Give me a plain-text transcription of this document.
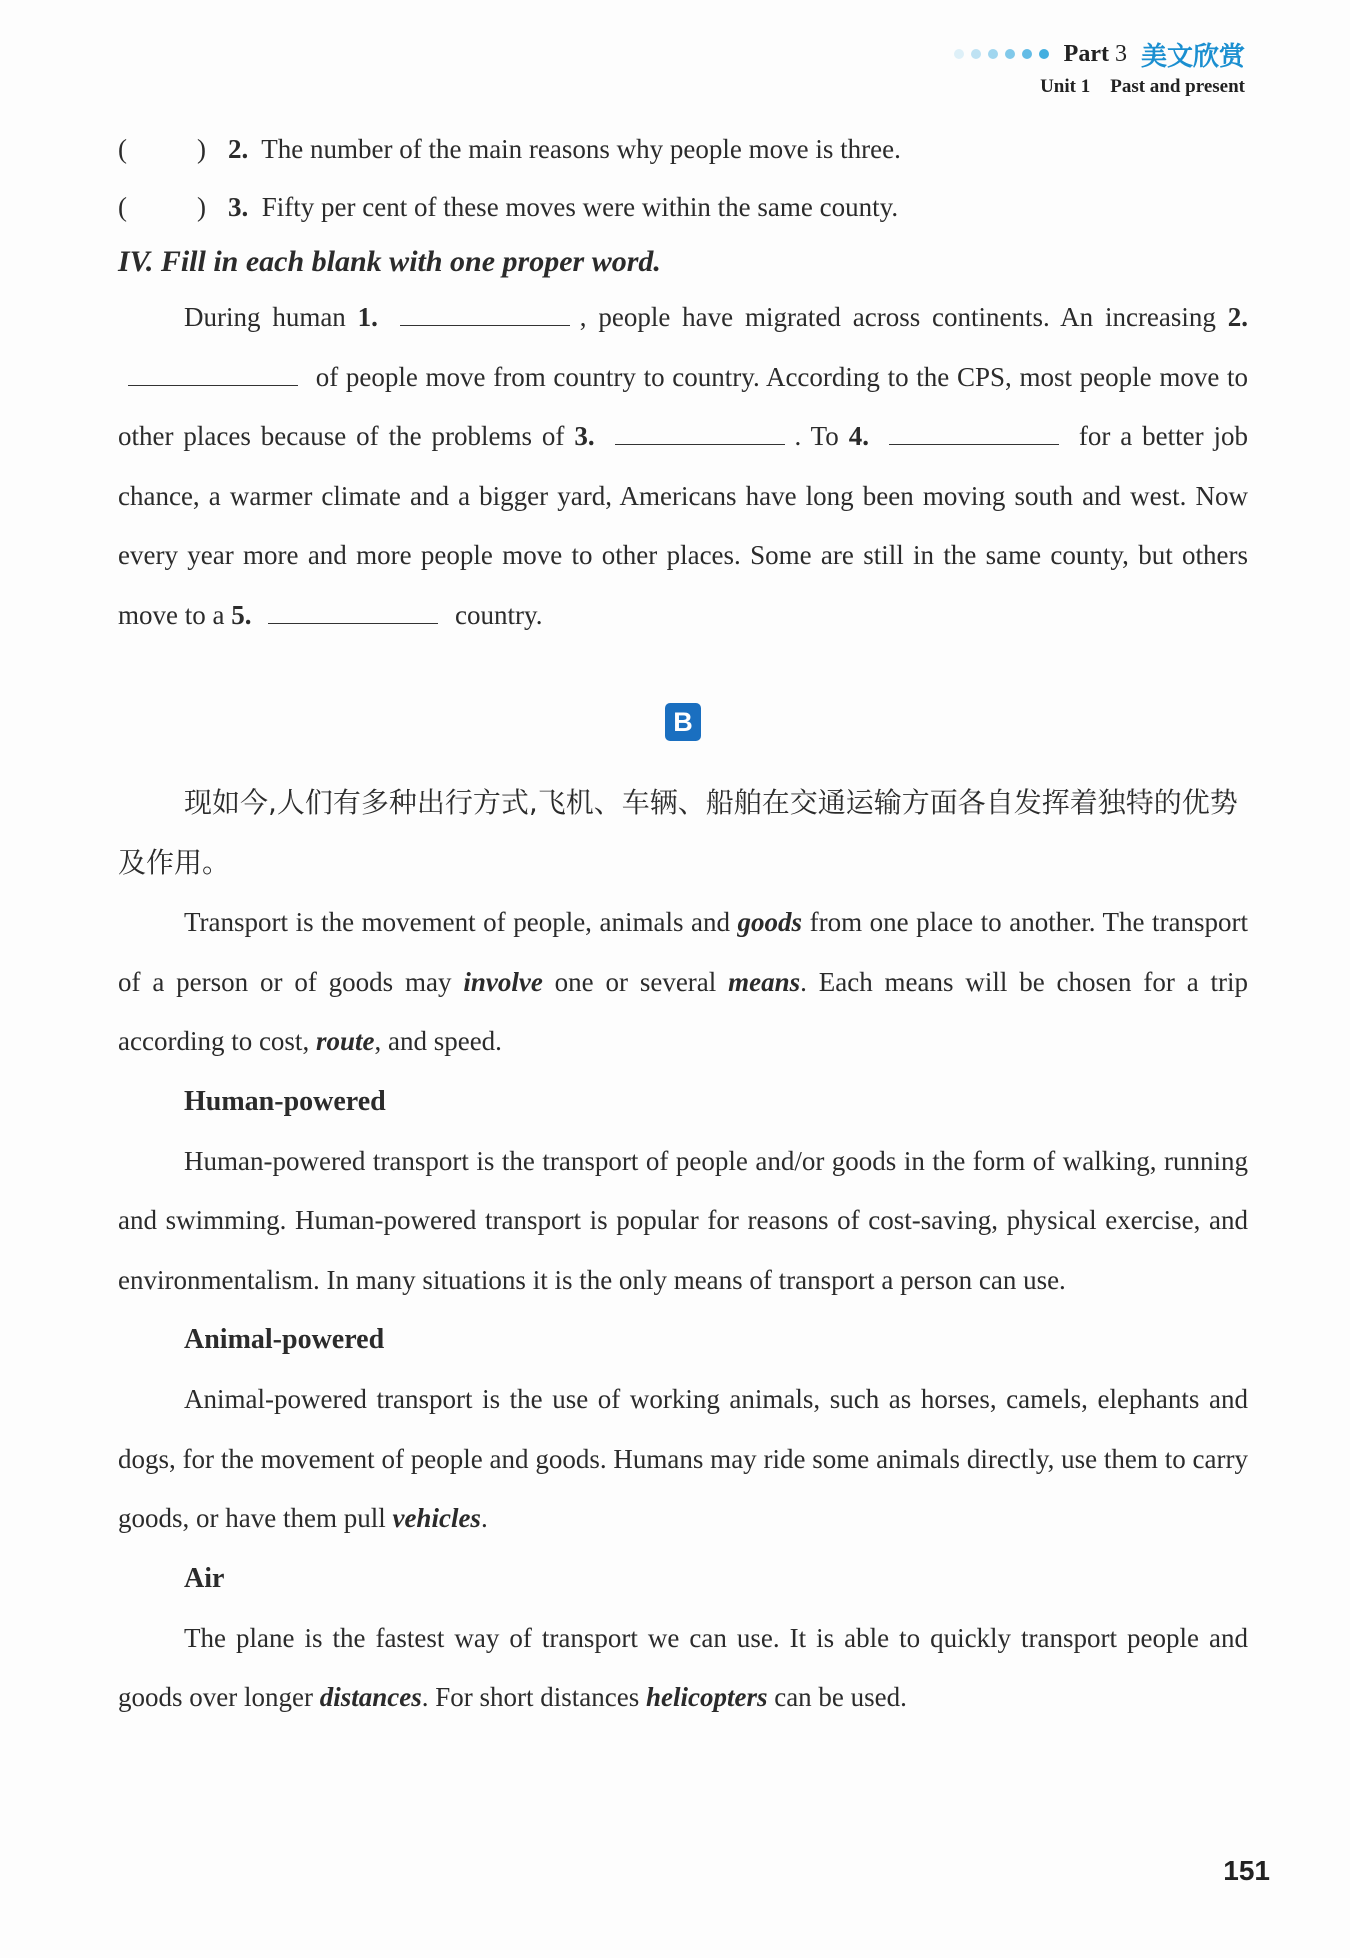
Part 3 美文欣赏
Unit 1 Past and present
(	) 2. The number of the main reasons why people move is three.
(	) 3. Fifty per cent of these moves were within the same county.
IV. Fill in each blank with one proper word.
During human 1.	, people have migrated across continents. An increasing 2.  of people move from country to country. According to the CPS, most people move to other places because of the problems of 3.	. To 4.	for a better job chance, a warmer climate and a bigger yard, Americans have long been moving south and west. Now every year more and more people move to other places. Some are still in the same county, but others move to a 5.	country.
B
现如今,人们有多种出行方式,飞机、车辆、船舶在交通运输方面各自发挥着独特的优势及作用。
Transport is the movement of people, animals and goods from one place to another. The transport of a person or of goods may involve one or several means. Each means will be chosen for a trip according to cost, route, and speed.
Human-powered
Human-powered transport is the transport of people and/or goods in the form of walking, running and swimming. Human-powered transport is popular for reasons of cost-saving, physical exercise, and environmentalism. In many situations it is the only means of transport a person can use.
Animal-powered
Animal-powered transport is the use of working animals, such as horses, camels, elephants and dogs, for the movement of people and goods. Humans may ride some animals directly, use them to carry goods, or have them pull vehicles.
Air
The plane is the fastest way of transport we can use. It is able to quickly transport people and goods over longer distances. For short distances helicopters can be used.
151
